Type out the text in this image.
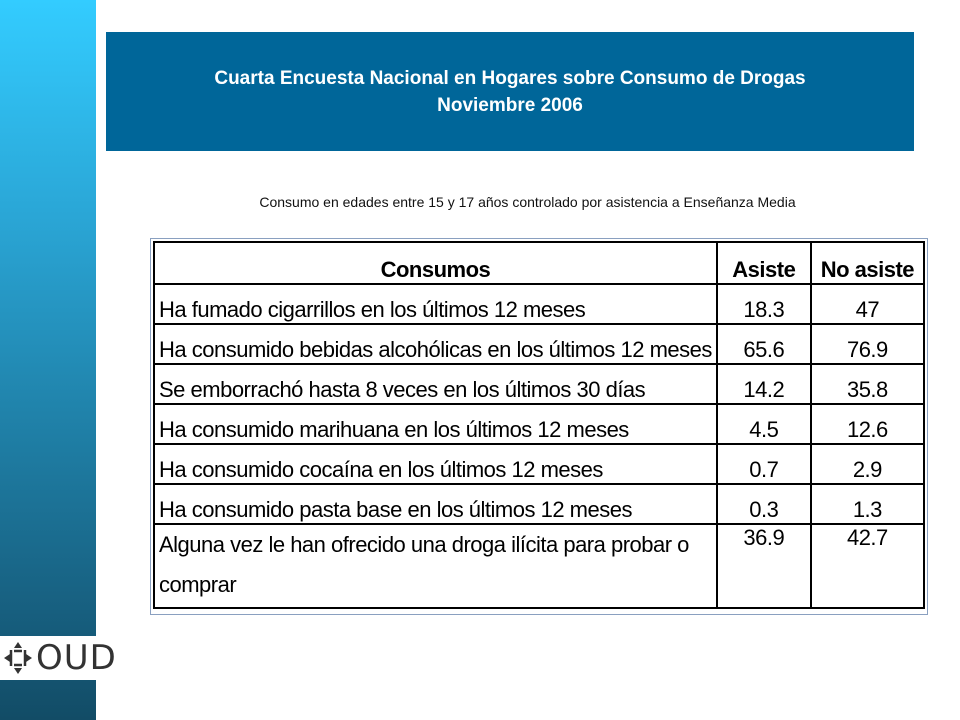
OUD
Cuarta Encuesta Nacional en Hogares sobre Consumo de Drogas
Noviembre 2006
Consumo en edades entre 15 y 17 años controlado por asistencia a Enseñanza Media
Consumos	Asiste	No asiste
Ha fumado cigarrillos en los últimos 12 meses	18.3	47
Ha consumido bebidas alcohólicas en los últimos 12 meses	65.6	76.9
Se emborrachó hasta 8 veces en los últimos 30 días	14.2	35.8
Ha consumido marihuana en los últimos 12 meses	4.5	12.6
Ha consumido cocaína en los últimos 12 meses	0.7	2.9
Ha consumido pasta base en los últimos 12 meses	0.3	1.3
Alguna vez le han ofrecido una droga ilícita para probar o comprar	36.9	42.7
